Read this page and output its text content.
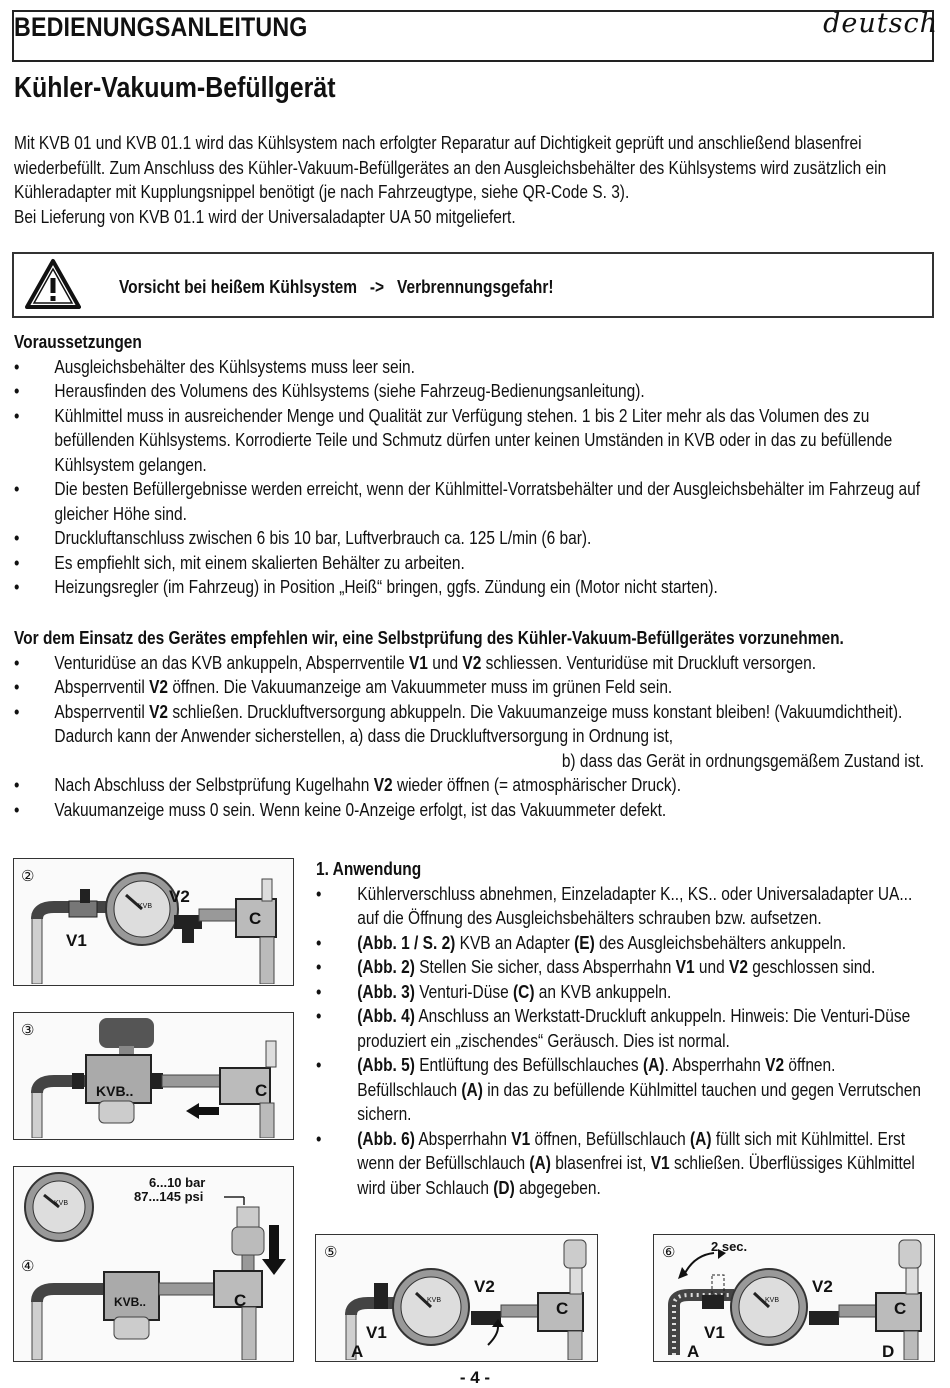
BEDIENUNGSANLEITUNG	deutsch
Kühler-Vakuum-Befüllgerät

Mit KVB 01 und KVB 01.1 wird das Kühlsystem nach erfolgter Reparatur auf Dichtigkeit geprüft und anschließend blasenfrei wiederbefüllt. Zum Anschluss des Kühler-Vakuum-Befüllgerätes an den Ausgleichsbehälter des Kühlsystems wird zusätzlich ein Kühleradapter mit Kupplungsnippel benötigt (je nach Fahrzeugtype, siehe QR-Code S. 3).

Bei Lieferung von KVB 01.1 wird der Universaladapter UA 50 mitgeliefert.

Vorsicht bei heißem Kühlsystem   ->   Verbrennungsgefahr!

Voraussetzungen

• Ausgleichsbehälter des Kühlsystems muss leer sein.
• Herausfinden des Volumens des Kühlsystems (siehe Fahrzeug-Bedienungsanleitung).
• Kühlmittel muss in ausreichender Menge und Qualität zur Verfügung stehen. 1 bis 2 Liter mehr als das Volumen des zu befüllenden Kühlsystems. Korrodierte Teile und Schmutz dürfen unter keinen Umständen in KVB oder in das zu befüllende Kühlsystem gelangen.
• Die besten Befüllergebnisse werden erreicht, wenn der Kühlmittel-Vorratsbehälter und der Ausgleichsbehälter im Fahrzeug auf gleicher Höhe sind.
• Druckluftanschluss zwischen 6 bis 10 bar, Luftverbrauch ca. 125 L/min (6 bar).
• Es empfiehlt sich, mit einem skalierten Behälter zu arbeiten.
• Heizungsregler (im Fahrzeug) in Position „Heiß“ bringen, ggfs. Zündung ein (Motor nicht starten).

Vor dem Einsatz des Gerätes empfehlen wir, eine Selbstprüfung des Kühler-Vakuum-Befüllgerätes vorzunehmen.

• Venturidüse an das KVB ankuppeln, Absperrventile V1 und V2 schliessen. Venturidüse mit Druckluft versorgen.
• Absperrventil V2 öffnen. Die Vakuumanzeige am Vakuummeter muss im grünen Feld sein.
• Absperrventil V2 schließen. Druckluftversorgung abkuppeln. Die Vakuumanzeige muss konstant bleiben! (Vakuumdichtheit). Dadurch kann der Anwender sicherstellen, a) dass die Druckluftversorgung in Ordnung ist,
b) dass das Gerät in ordnungsgemäßem Zustand ist.
• Nach Abschluss der Selbstprüfung Kugelhahn V2 wieder öffnen (= atmosphärischer Druck).
• Vakuumanzeige muss 0 sein. Wenn keine 0-Anzeige erfolgt, ist das Vakuummeter defekt.

1. Anwendung

• Kühlerverschluss abnehmen, Einzeladapter K.., KS.. oder Universaladapter UA... auf die Öffnung des Ausgleichsbehälters schrauben bzw. aufsetzen.
• (Abb. 1 / S. 2) KVB an Adapter (E) des Ausgleichsbehälters ankuppeln.
• (Abb. 2) Stellen Sie sicher, dass Absperrhahn V1 und V2 geschlossen sind.
• (Abb. 3) Venturi-Düse (C) an KVB ankuppeln.
• (Abb. 4) Anschluss an Werkstatt-Druckluft ankuppeln. Hinweis: Die Venturi-Düse produziert ein „zischendes“ Geräusch. Dies ist normal.
• (Abb. 5) Entlüftung des Befüllschlauches (A). Absperrhahn V2 öffnen. Befüllschlauch (A) in das zu befüllende Kühlmittel tauchen und gegen Verrutschen sichern.
• (Abb. 6) Absperrhahn V1 öffnen, Befüllschlauch (A) füllt sich mit Kühlmittel. Erst wenn der Befüllschlauch (A) blasenfrei ist, V1 schließen. Überflüssiges Kühlmittel wird über Schlauch (D) abgegeben.
②
V1
V2
C
KVB
③
KVB..	C
④
6...10 bar
87...145 psi
KVB..	C
KVB
⑤
V1
V2
C
A
KVB
⑥	2 sec.
V1
V2
C
A	D
KVB
- 4 -
